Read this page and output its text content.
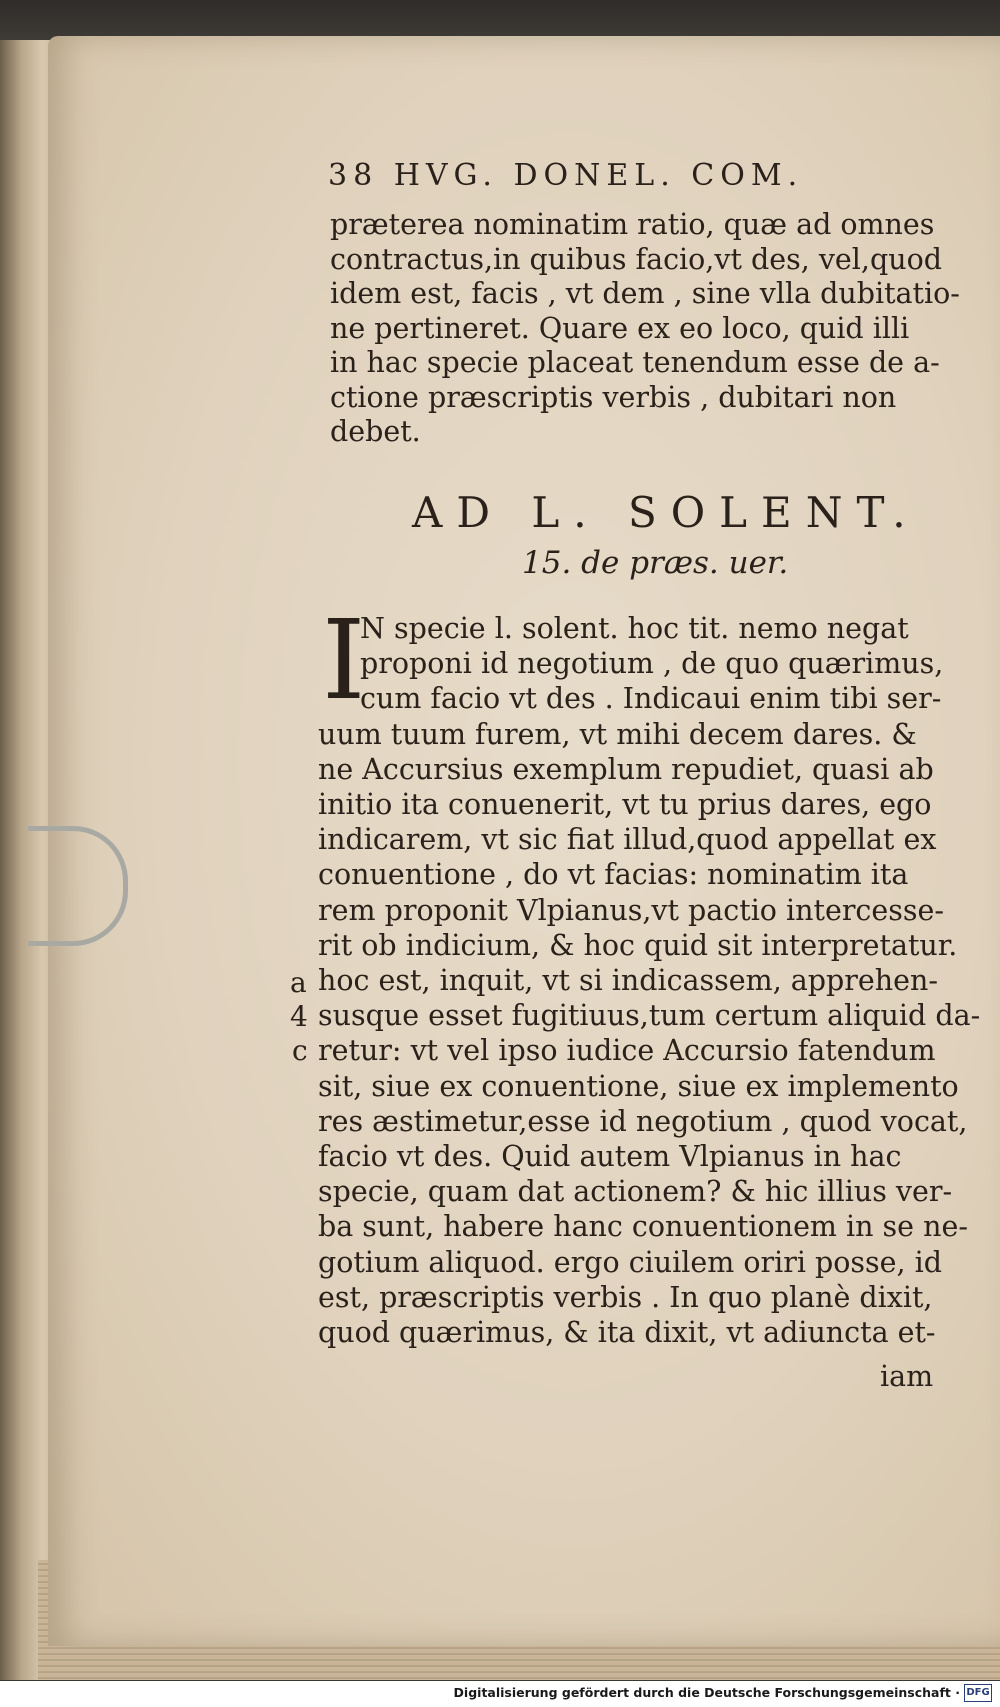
38 HVG. DONEL. COM.
præterea nominatim ratio, quæ ad omnes
contractus,in quibus facio,vt des, vel,quod
idem est, facis , vt dem , sine vlla dubitatio-
ne pertineret. Quare ex eo loco, quid illi
in hac specie placeat tenendum esse de a-
ctione præscriptis verbis , dubitari non
debet.
AD L. SOLENT.
15. de præs. uer.
I
N specie l. solent. hoc tit. nemo negat
proponi id negotium , de quo quærimus,
cum facio vt des . Indicaui enim tibi ser-
uum tuum furem, vt mihi decem dares. &
ne Accursius exemplum repudiet, quasi ab
initio ita conuenerit, vt tu prius dares, ego
indicarem, vt sic fiat illud,quod appellat ex
conuentione , do vt facias: nominatim ita
rem proponit Vlpianus,vt pactio intercesse-
rit ob indicium, & hoc quid sit interpretatur.
hoc est, inquit, vt si indicassem, apprehen-
susque esset fugitiuus,tum certum aliquid da-
retur: vt vel ipso iudice Accursio fatendum
sit, siue ex conuentione, siue ex implemento
res æstimetur,esse id negotium , quod vocat,
facio vt des. Quid autem Vlpianus in hac
specie, quam dat actionem? & hic illius ver-
ba sunt, habere hanc conuentionem in se ne-
gotium aliquod. ergo ciuilem oriri posse, id
est, præscriptis verbis . In quo planè dixit,
quod quærimus, & ita dixit, vt adiuncta et-
iam
a
4
c
Digitalisierung gefördert durch die Deutsche Forschungsgemeinschaft · DFG
